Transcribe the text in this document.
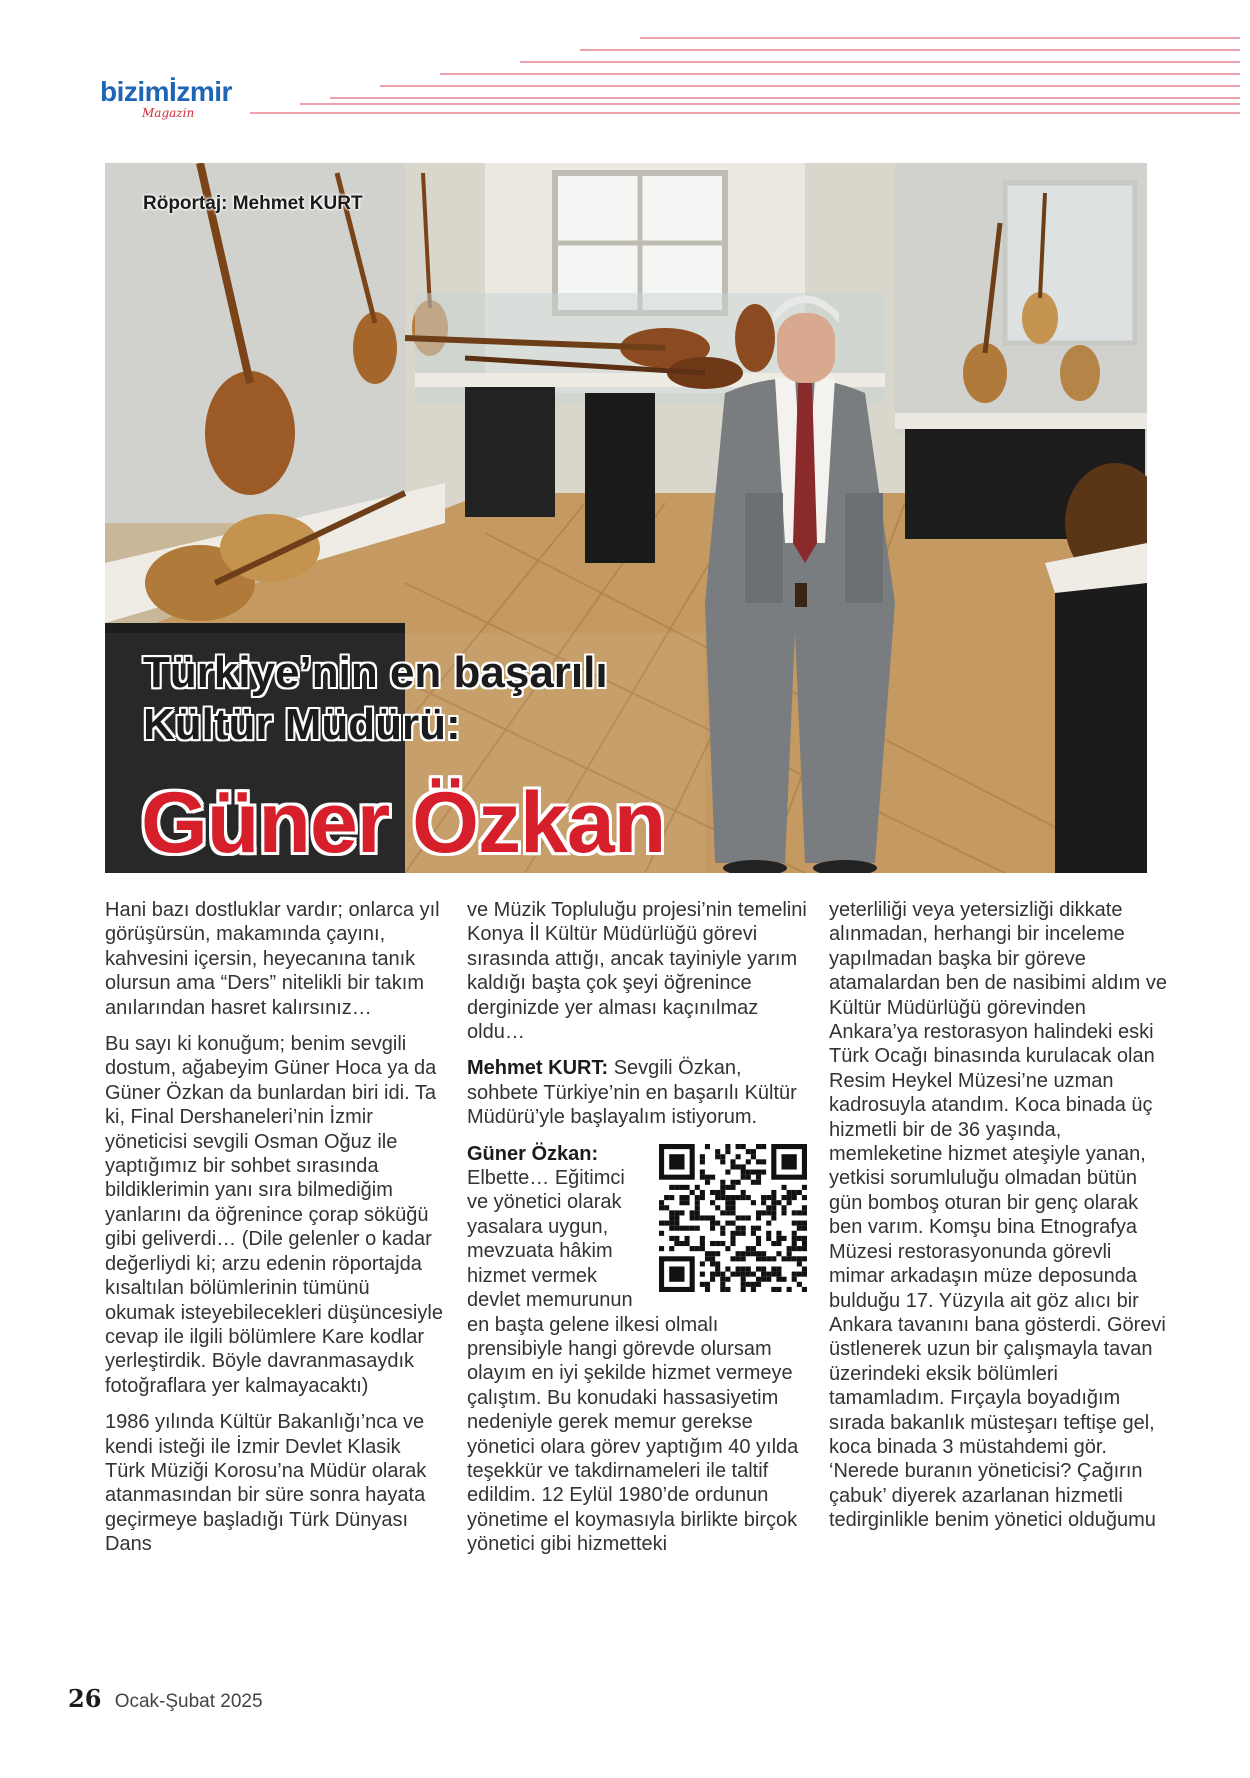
bizimİzmir
Magazin
Röportaj: Mehmet KURT
Türkiye’nin en başarılı
Kültür Müdürü:
Güner Özkan

Hani bazı dostluklar vardır; onlarca yıl görüşürsün, makamında çayını, kahvesini içersin, heyecanına tanık olursun ama “Ders” nitelikli bir takım anılarından hasret kalırsınız…

Bu sayı ki konuğum; benim sevgili dostum, ağabeyim Güner Hoca ya da Güner Özkan da bunlardan biri idi. Ta ki, Final Dershaneleri’nin İzmir yöneticisi sevgili Osman Oğuz ile yaptığımız bir sohbet sırasında bildiklerimin yanı sıra bilmediğim yanlarını da öğrenince çorap söküğü gibi geliverdi… (Dile gelenler o kadar değerliydi ki; arzu edenin röportajda kısaltılan bölümlerinin tümünü okumak isteyebilecekleri düşüncesiyle cevap ile ilgili bölümlere Kare kodlar yerleştirdik. Böyle davranmasaydık fotoğraflara yer kalmayacaktı)

1986 yılında Kültür Bakanlığı’nca ve kendi isteği ile İzmir Devlet Klasik Türk Müziği Korosu’na Müdür olarak atanmasından bir süre sonra hayata geçirmeye başladığı Türk Dünyası Dans

ve Müzik Topluluğu projesi’nin temelini Konya İl Kültür Müdürlüğü görevi sırasında attığı, ancak tayiniyle yarım kaldığı başta çok şeyi öğrenince derginizde yer alması kaçınılmaz oldu…

Mehmet KURT: Sevgili Özkan, sohbete Türkiye’nin en başarılı Kültür Müdürü’yle başlayalım istiyorum.

Güner Özkan:
Elbette… Eğitimci ve yönetici olarak yasalara uygun, mevzuata hâkim hizmet vermek devlet memurunun en başta gelene ilkesi olmalı prensibiyle hangi görevde olursam olayım en iyi şekilde hizmet vermeye çalıştım. Bu konudaki hassasiyetim nedeniyle gerek memur gerekse yönetici olara görev yaptığım 40 yılda teşekkür ve takdirnameleri ile taltif edildim. 12 Eylül 1980’de ordunun yönetime el koymasıyla birlikte birçok yönetici gibi hizmetteki

yeterliliği veya yetersizliği dikkate alınmadan, herhangi bir inceleme yapılmadan başka bir göreve atamalardan ben de nasibimi aldım ve Kültür Müdürlüğü görevinden Ankara’ya restorasyon halindeki eski Türk Ocağı binasında kurulacak olan Resim Heykel Müzesi’ne uzman kadrosuyla atandım. Koca binada üç hizmetli bir de 36 yaşında, memleketine hizmet ateşiyle yanan, yetkisi sorumluluğu olmadan bütün gün bomboş oturan bir genç olarak ben varım. Komşu bina Etnografya Müzesi restorasyonunda görevli mimar arkadaşın müze deposunda bulduğu 17. Yüzyıla ait göz alıcı bir Ankara tavanını bana gösterdi. Görevi üstlenerek uzun bir çalışmayla tavan üzerindeki eksik bölümleri tamamladım. Fırçayla boyadığım sırada bakanlık müsteşarı teftişe gel, koca binada 3 müstahdemi gör. ‘Nerede buranın yöneticisi? Çağırın çabuk’ diyerek azarlanan hizmetli tedirginlikle benim yönetici olduğumu

26 Ocak-Şubat 2025
